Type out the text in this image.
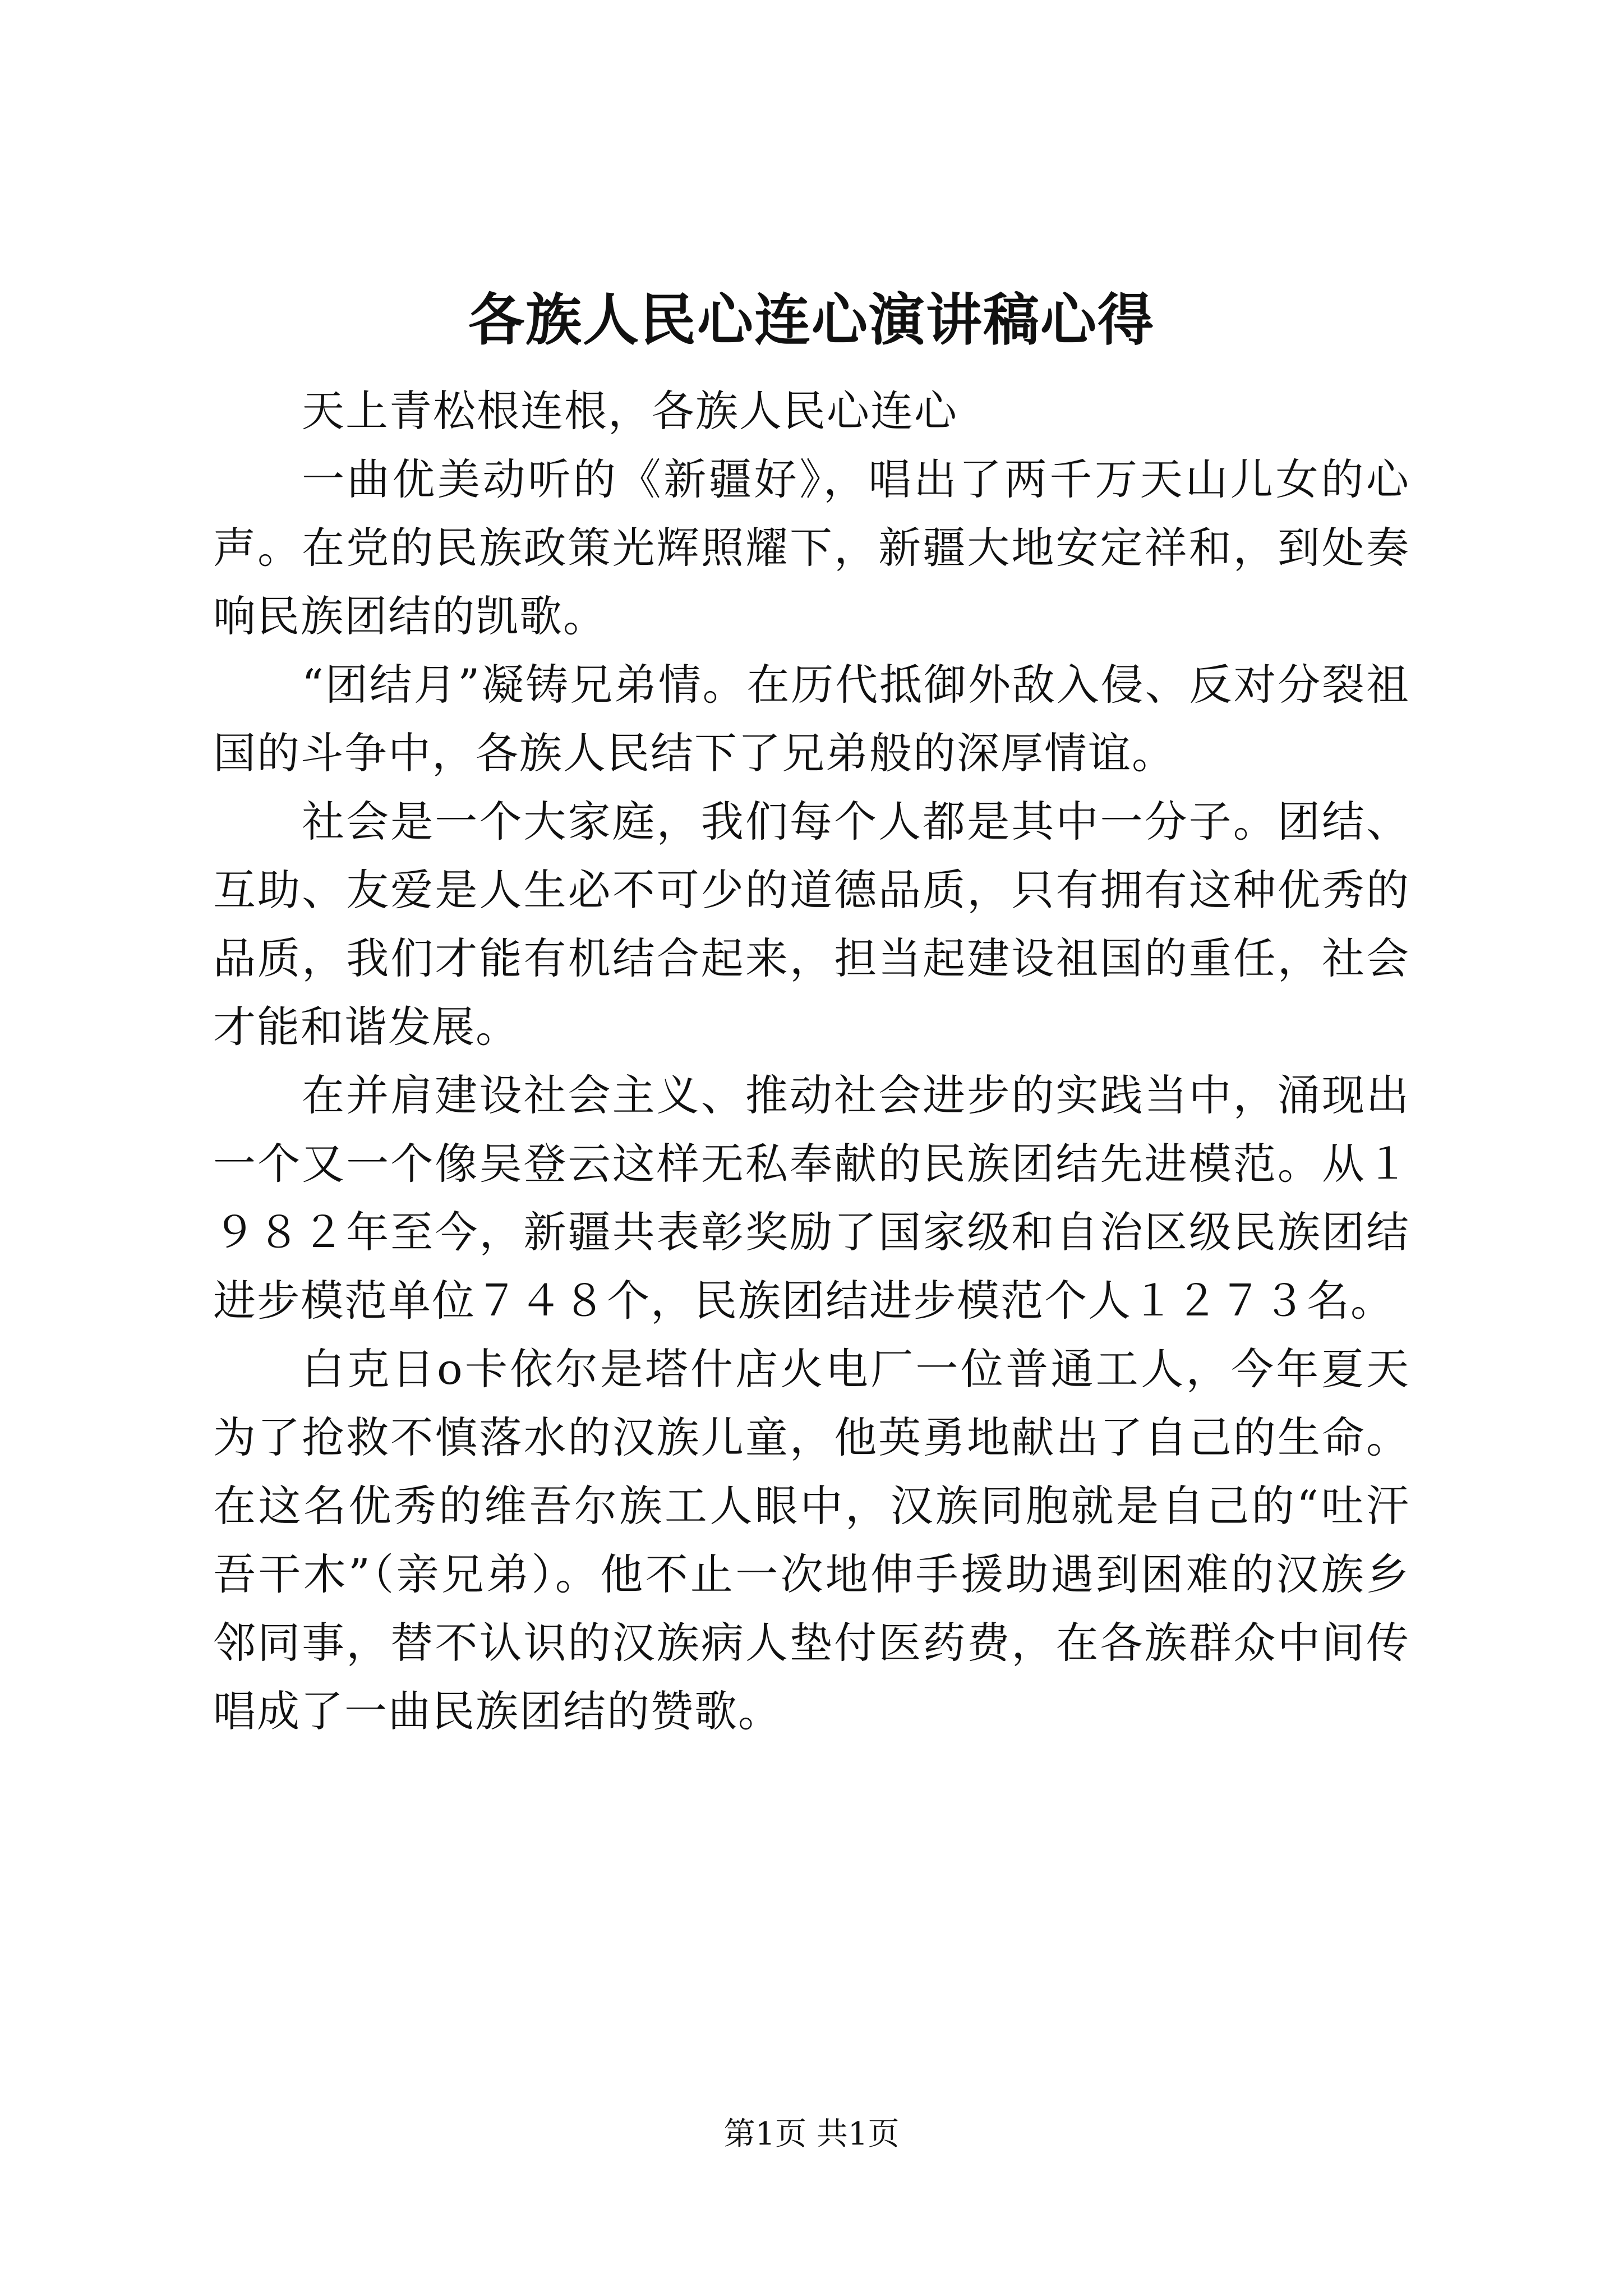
各族人民心连心演讲稿心得

天上青松根连根，各族人民心连心

一曲优美动听的《新疆好》，唱出了两千万天山儿女的心声。在党的民族政策光辉照耀下，新疆大地安定祥和，到处奏响民族团结的凯歌。

“团结月”凝铸兄弟情。在历代抵御外敌入侵、反对分裂祖国的斗争中，各族人民结下了兄弟般的深厚情谊。

社会是一个大家庭，我们每个人都是其中一分子。团结、互助、友爱是人生必不可少的道德品质，只有拥有这种优秀的品质，我们才能有机结合起来，担当起建设祖国的重任，社会才能和谐发展。

在并肩建设社会主义、推动社会进步的实践当中，涌现出一个又一个像吴登云这样无私奉献的民族团结先进模范。从１９８２年至今，新疆共表彰奖励了国家级和自治区级民族团结进步模范单位７４８个，民族团结进步模范个人１２７３名。

白克日ο卡依尔是塔什店火电厂一位普通工人，今年夏天为了抢救不慎落水的汉族儿童，他英勇地献出了自己的生命。在这名优秀的维吾尔族工人眼中，汉族同胞就是自己的“吐汗吾干木”（亲兄弟）。他不止一次地伸手援助遇到困难的汉族乡邻同事，替不认识的汉族病人垫付医药费，在各族群众中间传唱成了一曲民族团结的赞歌。

第1页 共1页
